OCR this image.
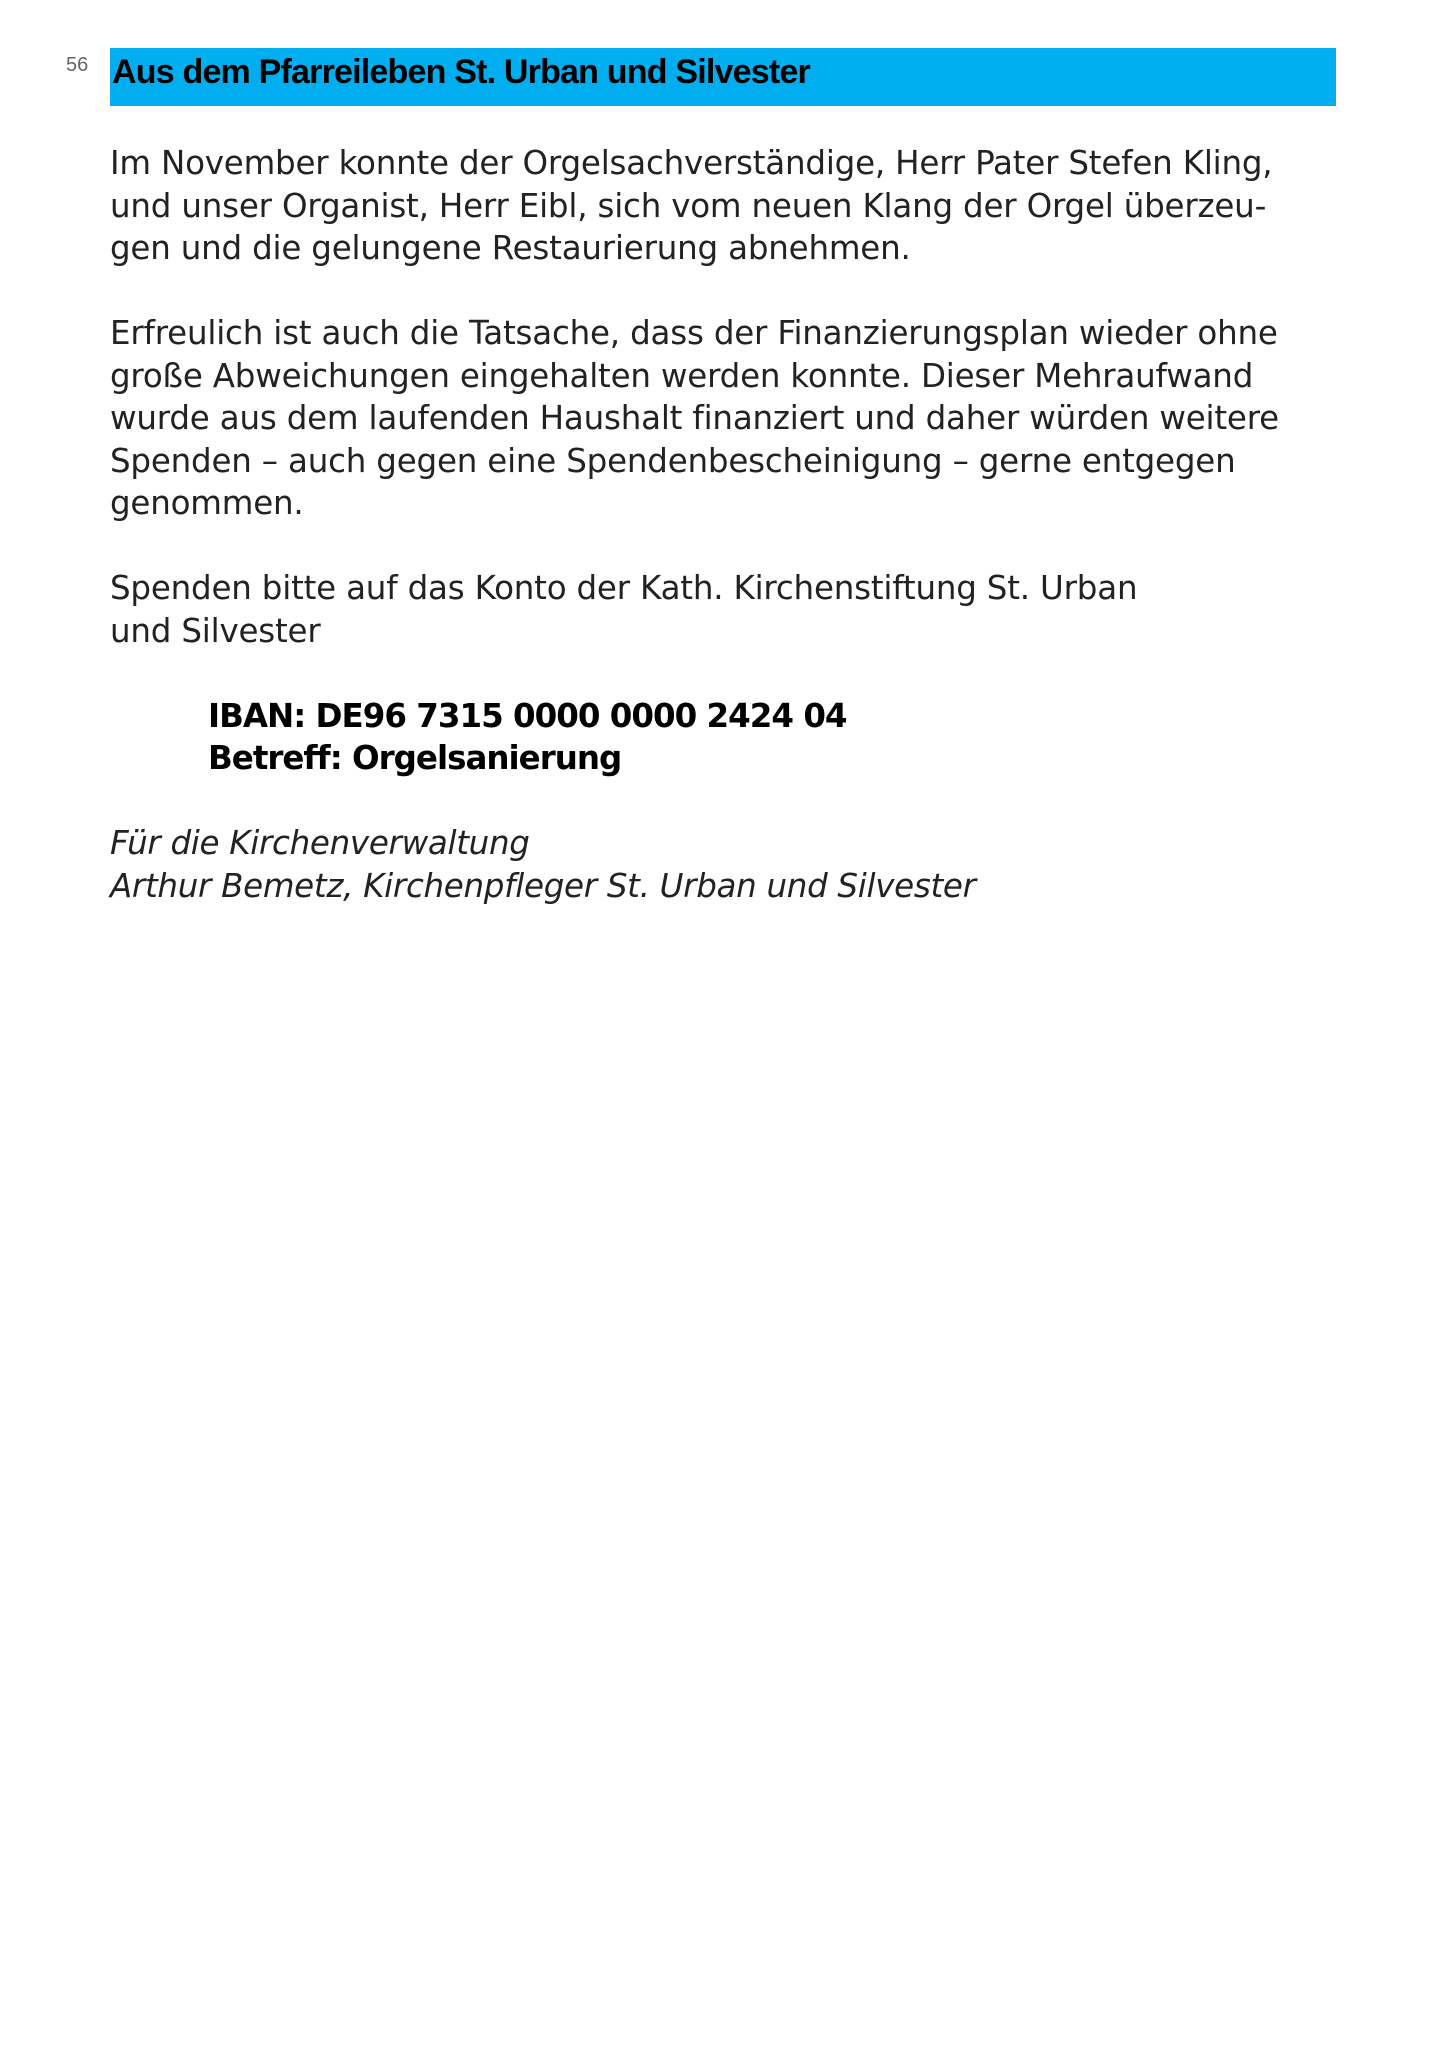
56 Aus dem Pfarreileben St. Urban und Silvester

Im November konnte der Orgelsachverständige, Herr Pater Stefen Kling,
und unser Organist, Herr Eibl, sich vom neuen Klang der Orgel überzeu-
gen und die gelungene Restaurierung abnehmen.

Erfreulich ist auch die Tatsache, dass der Finanzierungsplan wieder ohne
große Abweichungen eingehalten werden konnte. Dieser Mehraufwand
wurde aus dem laufenden Haushalt finanziert und daher würden weitere
Spenden – auch gegen eine Spendenbescheinigung – gerne entgegen
genommen.

Spenden bitte auf das Konto der Kath. Kirchenstiftung St. Urban
und Silvester

IBAN: DE96 7315 0000 0000 2424 04
Betreff: Orgelsanierung
Für die Kirchenverwaltung
Arthur Bemetz, Kirchenpfleger St. Urban und Silvester
